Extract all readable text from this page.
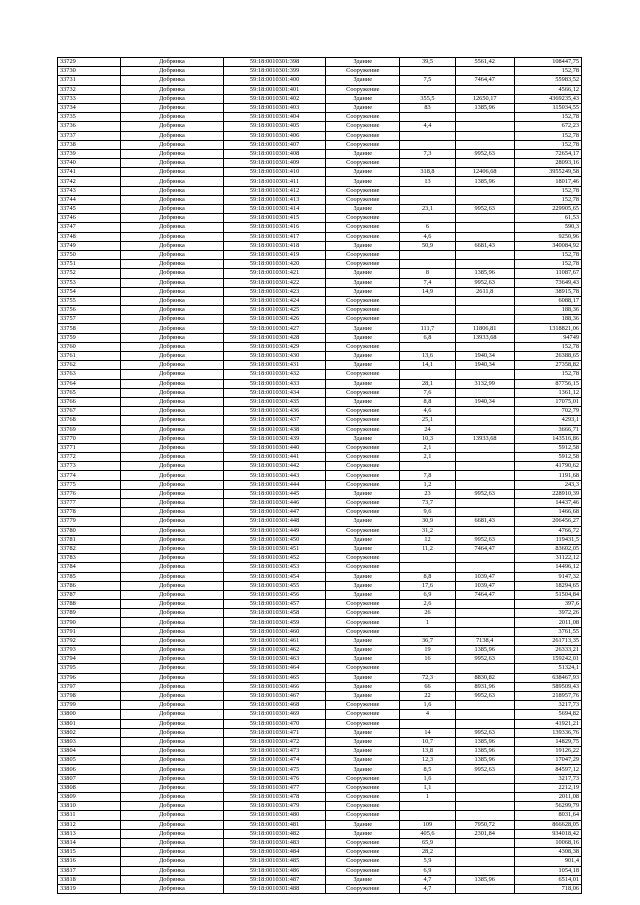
33729	Добрянка	59:18:0010301:398	Здание	39,5	5561,42	108447,75
33730	Добрянка	59:18:0010301:399	Сооружение			152,78
33731	Добрянка	59:18:0010301:400	Здание	7,5	7464,47	55983,52
33732	Добрянка	59:18:0010301:401	Сооружение			4566,12
33733	Добрянка	59:18:0010301:402	Здание	355,5	12650,17	4369235,43
33734	Добрянка	59:18:0010301:403	Здание	83	1385,96	115034,55
33735	Добрянка	59:18:0010301:404	Сооружение			152,78
33736	Добрянка	59:18:0010301:405	Сооружение	4,4		672,23
33737	Добрянка	59:18:0010301:406	Сооружение			152,78
33738	Добрянка	59:18:0010301:407	Сооружение			152,78
33739	Добрянка	59:18:0010301:408	Здание	7,3	9952,63	72654,17
33740	Добрянка	59:18:0010301:409	Сооружение			28093,16
33741	Добрянка	59:18:0010301:410	Здание	318,8	12406,68	3955249,58
33742	Добрянка	59:18:0010301:411	Здание	13	1385,96	18017,46
33743	Добрянка	59:18:0010301:412	Сооружение			152,78
33744	Добрянка	59:18:0010301:413	Сооружение			152,78
33745	Добрянка	59:18:0010301:414	Здание	23,1	9952,63	229905,65
33746	Добрянка	59:18:0010301:415	Сооружение			61,53
33747	Добрянка	59:18:0010301:416	Сооружение	6		590,3
33748	Добрянка	59:18:0010301:417	Сооружение	4,6		9250,96
33749	Добрянка	59:18:0010301:418	Здание	50,9	6681,43	340084,92
33750	Добрянка	59:18:0010301:419	Сооружение			152,78
33751	Добрянка	59:18:0010301:420	Сооружение			152,78
33752	Добрянка	59:18:0010301:421	Здание	8	1385,96	11087,67
33753	Добрянка	59:18:0010301:422	Здание	7,4	9952,63	73649,43
33754	Добрянка	59:18:0010301:423	Здание	14,9	2611,8	38915,78
33755	Добрянка	59:18:0010301:424	Сооружение			6088,17
33756	Добрянка	59:18:0010301:425	Сооружение			188,36
33757	Добрянка	59:18:0010301:426	Сооружение			188,36
33758	Добрянка	59:18:0010301:427	Здание	111,7	11806,81	1318821,06
33759	Добрянка	59:18:0010301:428	Здание	6,8	13933,68	94749
33760	Добрянка	59:18:0010301:429	Сооружение			152,78
33761	Добрянка	59:18:0010301:430	Здание	13,6	1940,34	26388,65
33762	Добрянка	59:18:0010301:431	Здание	14,1	1940,34	27358,82
33763	Добрянка	59:18:0010301:432	Сооружение			152,78
33764	Добрянка	59:18:0010301:433	Здание	28,1	3132,99	87756,15
33765	Добрянка	59:18:0010301:434	Сооружение	7,6		1361,12
33766	Добрянка	59:18:0010301:435	Здание	8,8	1940,34	17075,01
33767	Добрянка	59:18:0010301:436	Сооружение	4,6		702,79
33768	Добрянка	59:18:0010301:437	Сооружение	25,1		4293,1
33769	Добрянка	59:18:0010301:438	Сооружение	24		3666,71
33770	Добрянка	59:18:0010301:439	Здание	10,3	13933,68	143516,86
33771	Добрянка	59:18:0010301:440	Сооружение	2,1		5912,58
33772	Добрянка	59:18:0010301:441	Сооружение	2,1		5912,58
33773	Добрянка	59:18:0010301:442	Сооружение			41790,62
33774	Добрянка	59:18:0010301:443	Сооружение	7,8		1191,68
33775	Добрянка	59:18:0010301:444	Сооружение	1,2		243,3
33776	Добрянка	59:18:0010301:445	Здание	23	9952,63	228910,39
33777	Добрянка	59:18:0010301:446	Сооружение	73,7		14437,46
33778	Добрянка	59:18:0010301:447	Сооружение	9,6		1466,68
33779	Добрянка	59:18:0010301:448	Здание	30,9	6681,43	206456,27
33780	Добрянка	59:18:0010301:449	Сооружение	31,2		4766,72
33781	Добрянка	59:18:0010301:450	Здание	12	9952,63	119431,5
33782	Добрянка	59:18:0010301:451	Здание	11,2	7464,47	83602,05
33783	Добрянка	59:18:0010301:452	Сооружение			31122,12
33784	Добрянка	59:18:0010301:453	Сооружение			14496,12
33785	Добрянка	59:18:0010301:454	Здание	8,8	1039,47	9147,32
33786	Добрянка	59:18:0010301:455	Здание	17,6	1039,47	18294,65
33787	Добрянка	59:18:0010301:456	Здание	6,9	7464,47	51504,84
33788	Добрянка	59:18:0010301:457	Сооружение	2,6		397,6
33789	Добрянка	59:18:0010301:458	Сооружение	26		3972,26
33790	Добрянка	59:18:0010301:459	Сооружение	1		2011,08
33791	Добрянка	59:18:0010301:460	Сооружение			3761,55
33792	Добрянка	59:18:0010301:461	Здание	36,7	7138,4	261713,35
33793	Добрянка	59:18:0010301:462	Здание	19	1385,96	26333,21
33794	Добрянка	59:18:0010301:463	Здание	16	9952,63	159242,01
33795	Добрянка	59:18:0010301:464	Сооружение			51324,1
33796	Добрянка	59:18:0010301:465	Здание	72,3	8830,82	638467,93
33797	Добрянка	59:18:0010301:466	Здание	66	8931,96	589509,43
33798	Добрянка	59:18:0010301:467	Здание	22	9952,63	218957,76
33799	Добрянка	59:18:0010301:468	Сооружение	1,6		3217,73
33800	Добрянка	59:18:0010301:469	Сооружение	4		5694,82
33801	Добрянка	59:18:0010301:470	Сооружение			41921,21
33802	Добрянка	59:18:0010301:471	Здание	14	9952,63	139336,76
33803	Добрянка	59:18:0010301:472	Здание	10,7	1385,96	14829,75
33804	Добрянка	59:18:0010301:473	Здание	13,8	1385,96	19126,22
33805	Добрянка	59:18:0010301:474	Здание	12,3	1385,96	17047,29
33806	Добрянка	59:18:0010301:475	Здание	8,5	9952,63	84597,12
33807	Добрянка	59:18:0010301:476	Сооружение	1,6		3217,73
33808	Добрянка	59:18:0010301:477	Сооружение	1,1		2212,19
33809	Добрянка	59:18:0010301:478	Сооружение	1		2011,08
33810	Добрянка	59:18:0010301:479	Сооружение			56299,79
33811	Добрянка	59:18:0010301:480	Сооружение			8031,64
33812	Добрянка	59:18:0010301:481	Здание	109	7950,72	866628,05
33813	Добрянка	59:18:0010301:482	Здание	405,6	2301,84	934018,42
33814	Добрянка	59:18:0010301:483	Сооружение	65,9		10068,16
33815	Добрянка	59:18:0010301:484	Сооружение	28,2		4308,38
33816	Добрянка	59:18:0010301:485	Сооружение	5,9		901,4
33817	Добрянка	59:18:0010301:486	Сооружение	6,9		1054,18
33818	Добрянка	59:18:0010301:487	Здание	4,7	1385,96	6514,01
33819	Добрянка	59:18:0010301:488	Сооружение	4,7		718,06
